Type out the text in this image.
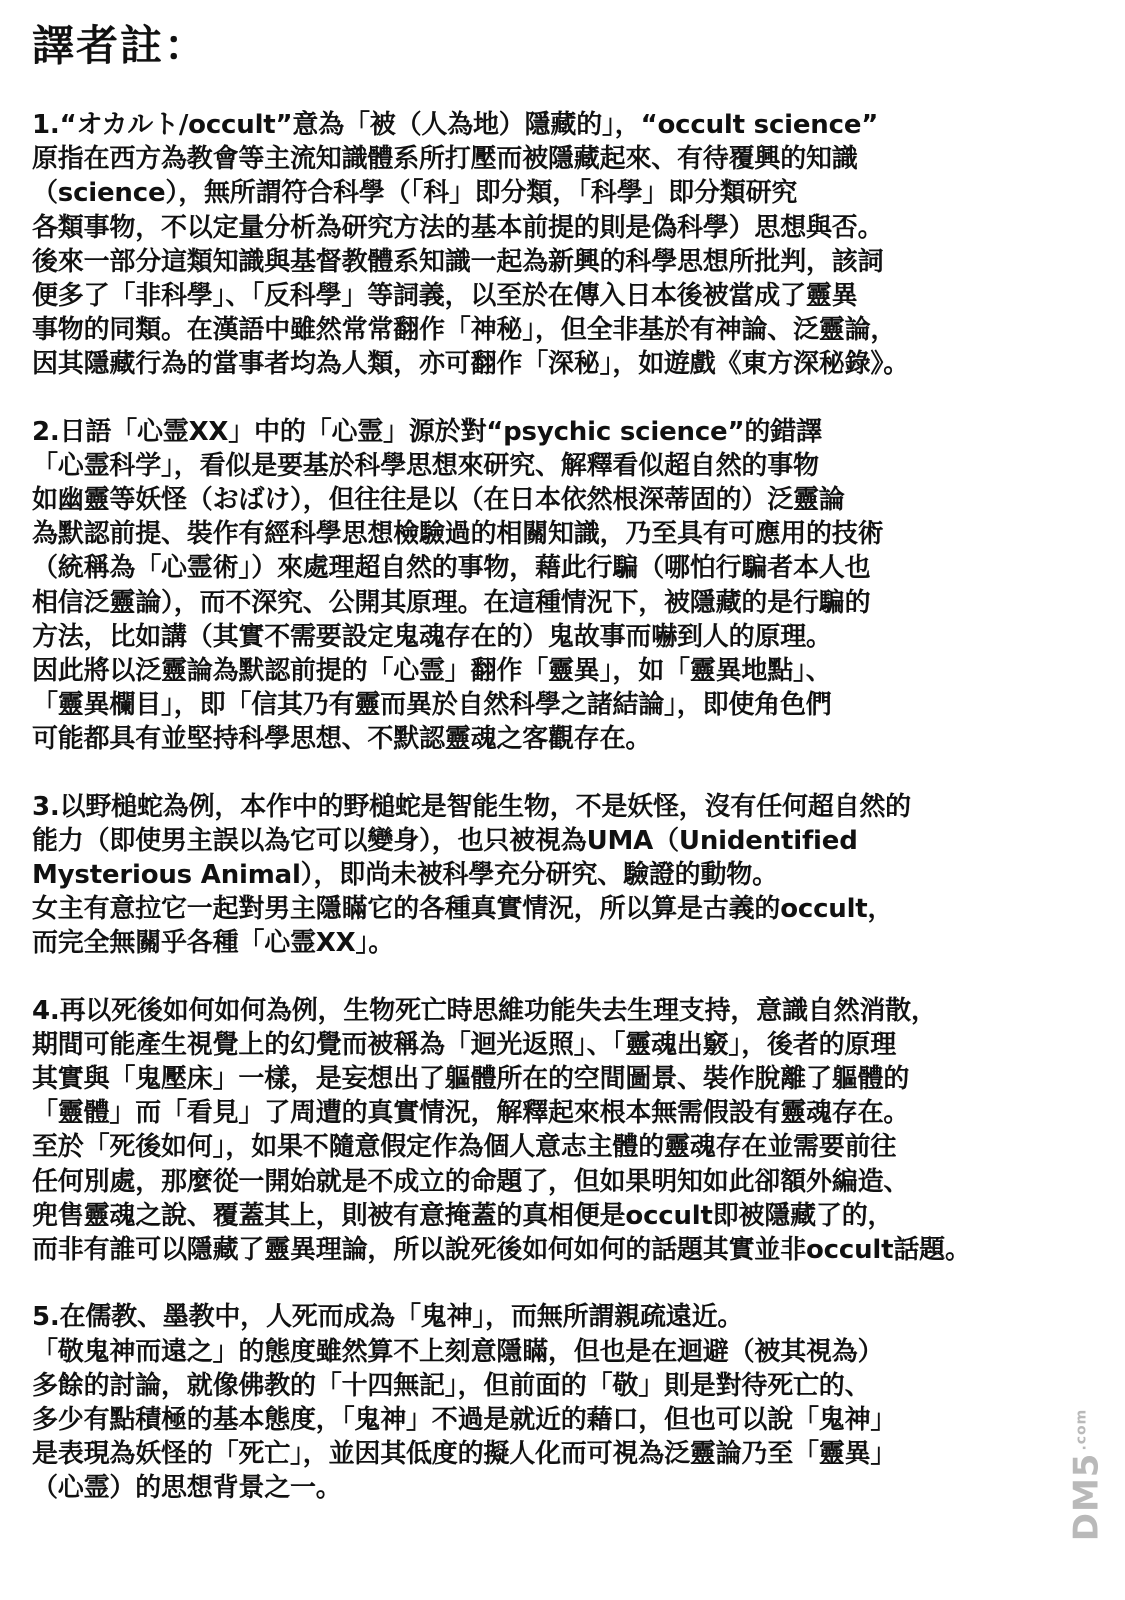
譯者註：
1.“オカルト/occult”意為「被（人為地）隱藏的」，“occult science”
原指在西方為教會等主流知識體系所打壓而被隱藏起來、有待覆興的知識
（science），無所謂符合科學（「科」即分類，「科學」即分類研究
各類事物，不以定量分析為研究方法的基本前提的則是偽科學）思想與否。
後來一部分這類知識與基督教體系知識一起為新興的科學思想所批判，該詞
便多了「非科學」、「反科學」等詞義，以至於在傳入日本後被當成了靈異
事物的同類。在漢語中雖然常常翻作「神秘」，但全非基於有神論、泛靈論，
因其隱藏行為的當事者均為人類，亦可翻作「深秘」，如遊戲《東方深秘錄》。
2.日語「心霊XX」中的「心霊」源於對“psychic science”的錯譯
「心霊科学」，看似是要基於科學思想來研究、解釋看似超自然的事物
如幽靈等妖怪（おばけ），但往往是以（在日本依然根深蒂固的）泛靈論
為默認前提、裝作有經科學思想檢驗過的相關知識，乃至具有可應用的技術
（統稱為「心霊術」）來處理超自然的事物，藉此行騙（哪怕行騙者本人也
相信泛靈論），而不深究、公開其原理。在這種情況下，被隱藏的是行騙的
方法，比如講（其實不需要設定鬼魂存在的）鬼故事而嚇到人的原理。
因此將以泛靈論為默認前提的「心霊」翻作「靈異」，如「靈異地點」、
「靈異欄目」，即「信其乃有靈而異於自然科學之諸結論」，即使角色們
可能都具有並堅持科學思想、不默認靈魂之客觀存在。
3.以野槌蛇為例，本作中的野槌蛇是智能生物，不是妖怪，沒有任何超自然的
能力（即使男主誤以為它可以變身），也只被視為UMA（Unidentified
Mysterious Animal），即尚未被科學充分研究、驗證的動物。
女主有意拉它一起對男主隱瞞它的各種真實情況，所以算是古義的occult，
而完全無關乎各種「心霊XX」。
4.再以死後如何如何為例，生物死亡時思維功能失去生理支持，意識自然消散，
期間可能產生視覺上的幻覺而被稱為「迴光返照」、「靈魂出竅」，後者的原理
其實與「鬼壓床」一樣，是妄想出了軀體所在的空間圖景、裝作脫離了軀體的
「靈體」而「看見」了周遭的真實情況，解釋起來根本無需假設有靈魂存在。
至於「死後如何」，如果不隨意假定作為個人意志主體的靈魂存在並需要前往
任何別處，那麼從一開始就是不成立的命題了，但如果明知如此卻額外編造、
兜售靈魂之說、覆蓋其上，則被有意掩蓋的真相便是occult即被隱藏了的，
而非有誰可以隱藏了靈異理論，所以說死後如何如何的話題其實並非occult話題。
5.在儒教、墨教中，人死而成為「鬼神」，而無所謂親疏遠近。
「敬鬼神而遠之」的態度雖然算不上刻意隱瞞，但也是在迴避（被其視為）
多餘的討論，就像佛教的「十四無記」，但前面的「敬」則是對待死亡的、
多少有點積極的基本態度，「鬼神」不過是就近的藉口，但也可以說「鬼神」
是表現為妖怪的「死亡」，並因其低度的擬人化而可視為泛靈論乃至「靈異」
（心霊）的思想背景之一。	$DM5^{.com}$
